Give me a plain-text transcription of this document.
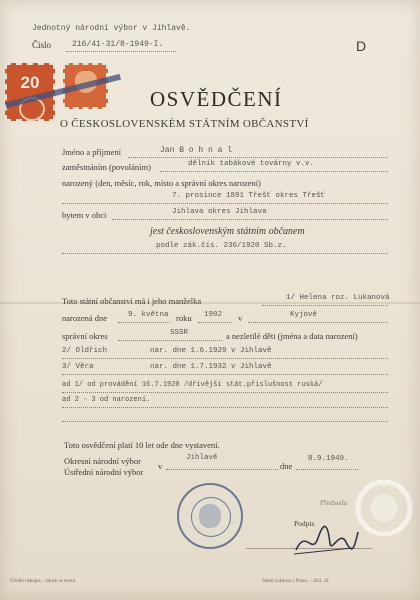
Jednotný národní výbor v Jihlavě.
Číslo	216/41-31/8-1949-I.	D
20
OSVĚDČENÍ
O ČESKOSLOVENSKÉM STÁTNÍM OBČANSTVÍ
Jméno a příjmení	Jan B o h n a l
zaměstnáním (povoláním)	dělník tabákové továrny v.v.
narozený (den, měsíc, rok, místo a správní okres narození)
7. prosince 1891 Třešť okres Třešť
bytem v obci	Jihlava okres Jihlava
jest československým státním občanem
podle zák.čís. 236/1920 Sb.z.
Toto státní občanství má i jeho manželka	1/ Helena roz. Lukanová
narozená dne	9. května roku 1902 v	Kyjově
správní okres	SSSR	a nezletilé děti (jména a data narození)
2/ Oldřich	nar. dne 1.6.1929 v Jihlavě
3/ Věra	nar. dne 1.7.1932 v Jihlavě
ad 1/ od provádění 16.7.1920 /dřívější stát.příslušnost ruská/
ad 2 - 3 od narození.
Toto osvědčení platí 10 let ode dne vystavení.
Okresní národní výbor
Ústřední národní výbor
v
Jihlavě
dne
8.9.1949.
Předseda
Podpis
Úřední tiskopis – zatisk se trestá.	Státní tiskárna v Praze, – Zeil. 34
